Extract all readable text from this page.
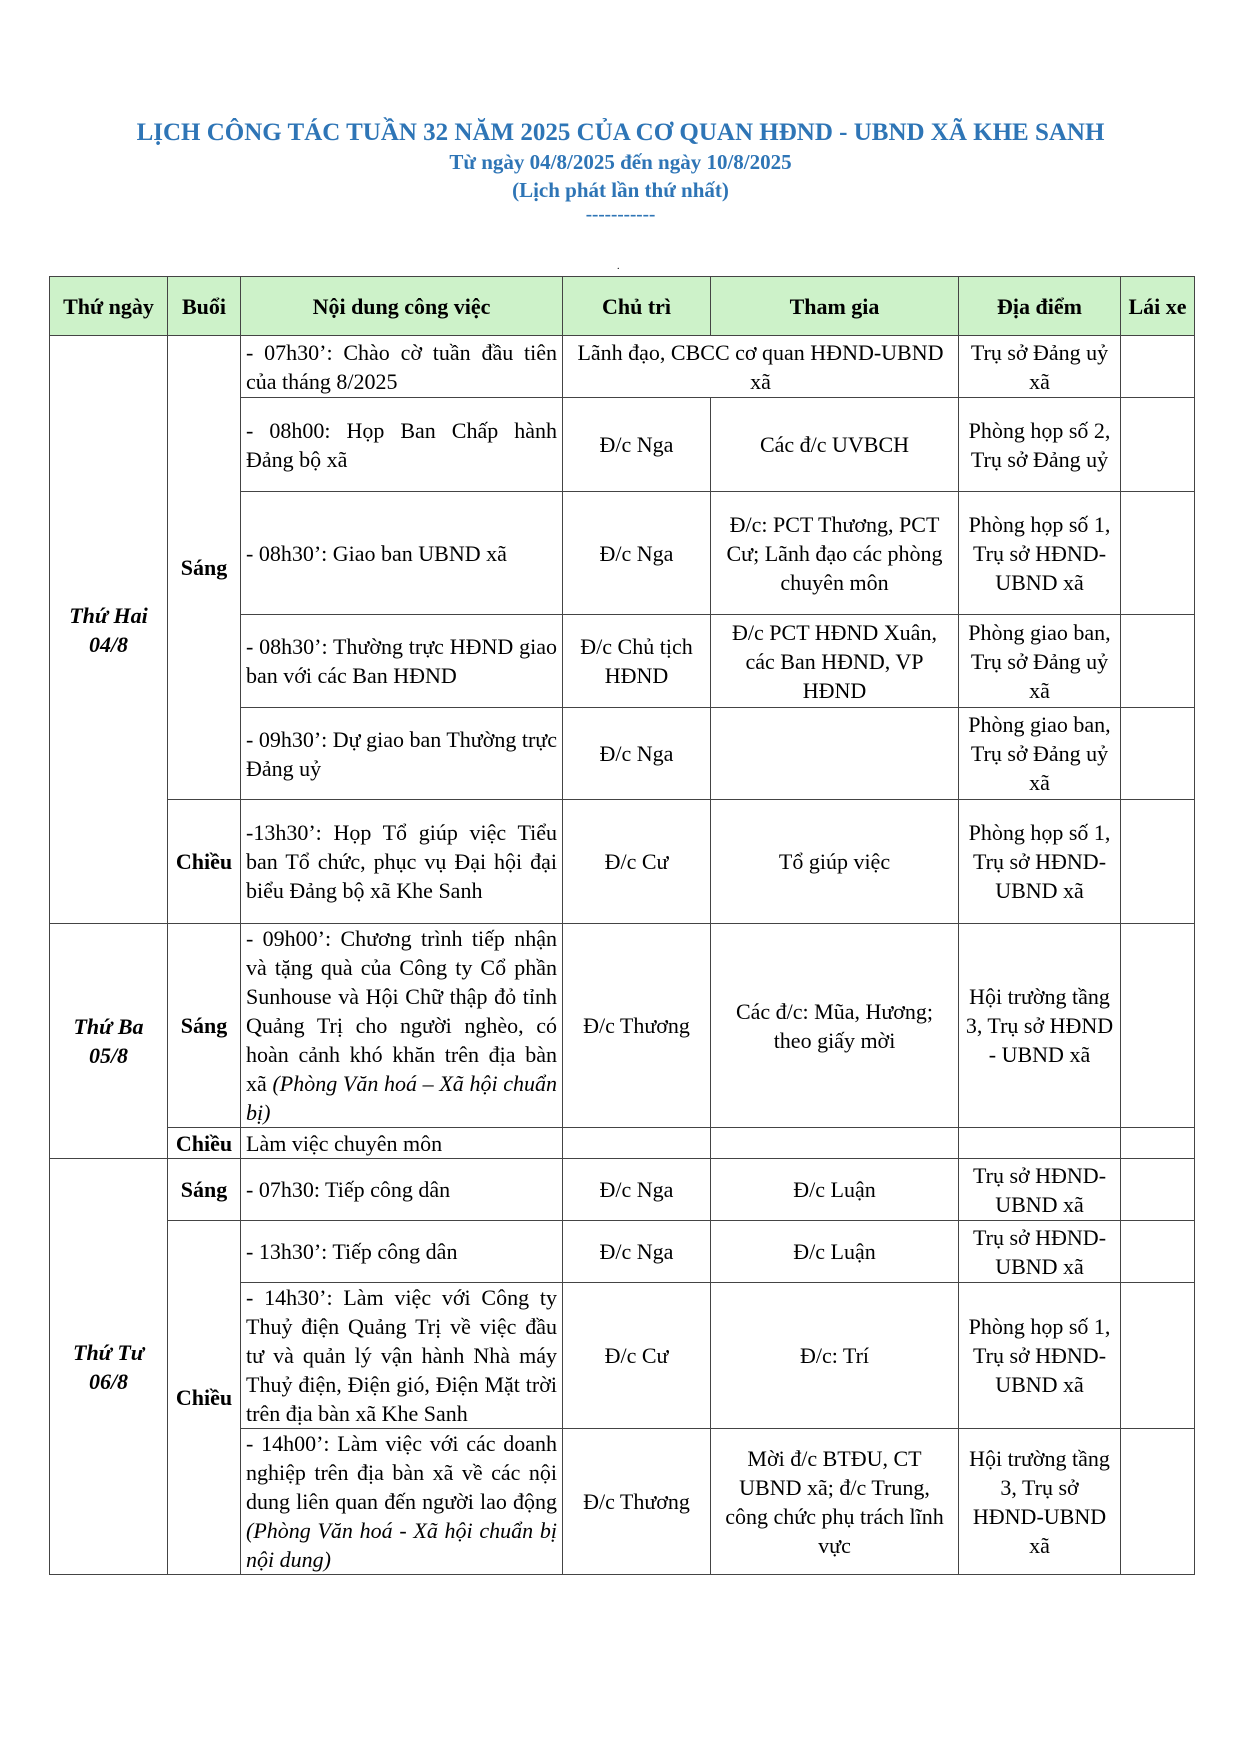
LỊCH CÔNG TÁC TUẦN 32 NĂM 2025 CỦA CƠ QUAN HĐND - UBND XÃ KHE SANH

Từ ngày 04/8/2025 đến ngày 10/8/2025

(Lịch phát lần thứ nhất)

-----------

.
Thứ ngày	Buổi	Nội dung công việc	Chủ trì	Tham gia	Địa điểm	Lái xe
Thứ Hai
04/8	Sáng	- 07h30’: Chào cờ tuần đầu tiên của tháng 8/2025	Lãnh đạo, CBCC cơ quan HĐND-UBND xã		Trụ sở Đảng uỷ xã	
		- 08h00: Họp Ban Chấp hành Đảng bộ xã	Đ/c Nga	Các đ/c UVBCH	Phòng họp số 2, Trụ sở Đảng uỷ	
		- 08h30’: Giao ban UBND xã	Đ/c Nga	Đ/c: PCT Thương, PCT Cư; Lãnh đạo các phòng chuyên môn	Phòng họp số 1, Trụ sở HĐND-UBND xã	
		- 08h30’: Thường trực HĐND giao ban với các Ban HĐND	Đ/c Chủ tịch HĐND	Đ/c PCT HĐND Xuân, các Ban HĐND, VP HĐND	Phòng giao ban, Trụ sở Đảng uỷ xã	
		- 09h30’: Dự giao ban Thường trực Đảng uỷ	Đ/c Nga		Phòng giao ban, Trụ sở Đảng uỷ xã	
	Chiều	-13h30’: Họp Tổ giúp việc Tiểu ban Tổ chức, phục vụ Đại hội đại biểu Đảng bộ xã Khe Sanh	Đ/c Cư	Tổ giúp việc	Phòng họp số 1, Trụ sở HĐND-UBND xã	
Thứ Ba
05/8	Sáng	- 09h00’: Chương trình tiếp nhận và tặng quà của Công ty Cổ phần Sunhouse và Hội Chữ thập đỏ tỉnh Quảng Trị cho người nghèo, có hoàn cảnh khó khăn trên địa bàn xã (Phòng Văn hoá – Xã hội chuẩn bị)	Đ/c Thương	Các đ/c: Mũa, Hương; theo giấy mời	Hội trường tầng 3, Trụ sở HĐND - UBND xã	
	Chiều	Làm việc chuyên môn				
Thứ Tư
06/8	Sáng	- 07h30: Tiếp công dân	Đ/c Nga	Đ/c Luận	Trụ sở HĐND-UBND xã	
	Chiều	- 13h30’: Tiếp công dân	Đ/c Nga	Đ/c Luận	Trụ sở HĐND-UBND xã	
		- 14h30’: Làm việc với Công ty Thuỷ điện Quảng Trị về việc đầu tư và quản lý vận hành Nhà máy Thuỷ điện, Điện gió, Điện Mặt trời trên địa bàn xã Khe Sanh	Đ/c Cư	Đ/c: Trí	Phòng họp số 1, Trụ sở HĐND-UBND xã	
		- 14h00’: Làm việc với các doanh nghiệp trên địa bàn xã về các nội dung liên quan đến người lao động (Phòng Văn hoá - Xã hội chuẩn bị nội dung)	Đ/c Thương	Mời đ/c BTĐU, CT UBND xã; đ/c Trung, công chức phụ trách lĩnh vực	Hội trường tầng 3, Trụ sở HĐND-UBND xã	
